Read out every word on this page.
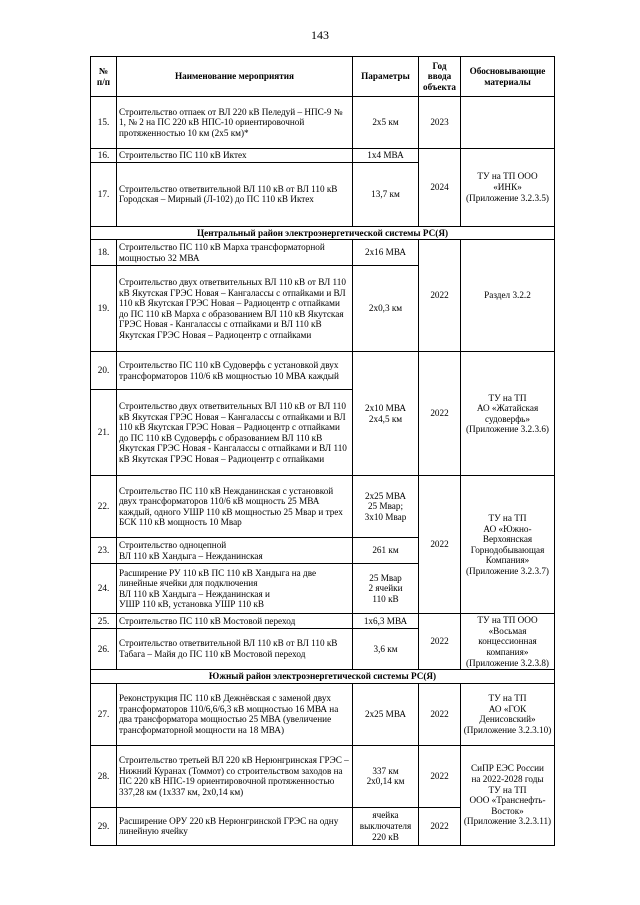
143
№
п/п	Наименование мероприятия	Параметры	Год
ввода
объекта	Обосновывающие
материалы
15.	Строительство отпаек от ВЛ 220 кВ Пеледуй – НПС-9 № 1, № 2 на ПС 220 кВ НПС-10 ориентировочной протяженностью 10 км (2х5 км)*	2х5 км	2023	
16.	Строительство ПС 110 кВ Иктех	1х4 МВА	2024	ТУ на ТП ООО «ИНК»
(Приложение 3.2.3.5)
17.	Строительство ответвительной ВЛ 110 кВ от ВЛ 110 кВ Городская – Мирный (Л-102) до ПС 110 кВ Иктех	13,7 км		
Центральный район электроэнергетической системы РС(Я)				
18.	Строительство ПС 110 кВ Марха трансформаторной мощностью 32 МВА	2х16 МВА	2022	Раздел 3.2.2
19.	Строительство двух ответвительных ВЛ 110 кВ от ВЛ 110 кВ Якутская ГРЭС Новая – Кангалассы с отпайками и ВЛ 110 кВ Якутская ГРЭС Новая – Радиоцентр с отпайками до ПС 110 кВ Марха с образованием ВЛ 110 кВ Якутская ГРЭС Новая - Кангалассы с отпайками и ВЛ 110 кВ Якутская ГРЭС Новая – Радиоцентр с отпайками	2х0,3 км		
20.	Строительство ПС 110 кВ Судоверфь с установкой двух трансформаторов 110/6 кВ мощностью 10 МВА каждый	2х10 МВА
2х4,5 км	2022	ТУ на ТП
АО «Жатайская судоверфь»
(Приложение 3.2.3.6)
21.	Строительство двух ответвительных ВЛ 110 кВ от ВЛ 110 кВ Якутская ГРЭС Новая – Кангалассы с отпайками и ВЛ 110 кВ Якутская ГРЭС Новая – Радиоцентр с отпайками до ПС 110 кВ Судоверфь с образованием ВЛ 110 кВ Якутская ГРЭС Новая - Кангалассы с отпайками и ВЛ 110 кВ Якутская ГРЭС Новая – Радиоцентр с отпайками			
22.	Строительство ПС 110 кВ Нежданинская с установкой двух трансформаторов 110/6 кВ мощность 25 МВА каждый, одного УШР 110 кВ мощностью 25 Мвар и трех БСК 110 кВ мощность 10 Мвар	2х25 МВА
25 Мвар;
3х10 Мвар	2022	ТУ на ТП
АО «Южно-Верхоянская Горнодобывающая Компания»
(Приложение 3.2.3.7)
23.	Строительство одноцепной
ВЛ 110 кВ Хандыга – Нежданинская	261 км		
24.	Расширение РУ 110 кВ ПС 110 кВ Хандыга на две линейные ячейки для подключения
ВЛ 110 кВ Хандыга – Нежданинская и
УШР 110 кВ, установка УШР 110 кВ	25 Мвар
2 ячейки
110 кВ		
25.	Строительство ПС 110 кВ Мостовой переход	1х6,3 МВА	2022	ТУ на ТП ООО «Восьмая концессионная компания»
(Приложение 3.2.3.8)
26.	Строительство ответвительной ВЛ 110 кВ от ВЛ 110 кВ Табага – Майя до ПС 110 кВ Мостовой переход	3,6 км		
Южный район электроэнергетической системы РС(Я)				
27.	Реконструкция ПС 110 кВ Дежнёвская с заменой двух трансформаторов 110/6,6/6,3 кВ мощностью 16 МВА на два трансформатора мощностью 25 МВА (увеличение трансформаторной мощности на 18 МВА)	2х25 МВА	2022	ТУ на ТП
АО «ГОК Денисовский»
(Приложение 3.2.3.10)
28.	Строительство третьей ВЛ 220 кВ Нерюнгринская ГРЭС – Нижний Куранах (Томмот) со строительством заходов на ПС 220 кВ НПС-19 ориентировочной протяженностью 337,28 км (1х337 км, 2х0,14 км)	337 км
2х0,14 км	2022	СиПР ЕЭС России
на 2022-2028 годы
ТУ на ТП
ООО «Транснефть-Восток»
(Приложение 3.2.3.11)
29.	Расширение ОРУ 220 кВ Нерюнгринской ГРЭС на одну линейную ячейку	ячейка
выключателя
220 кВ	2022	
